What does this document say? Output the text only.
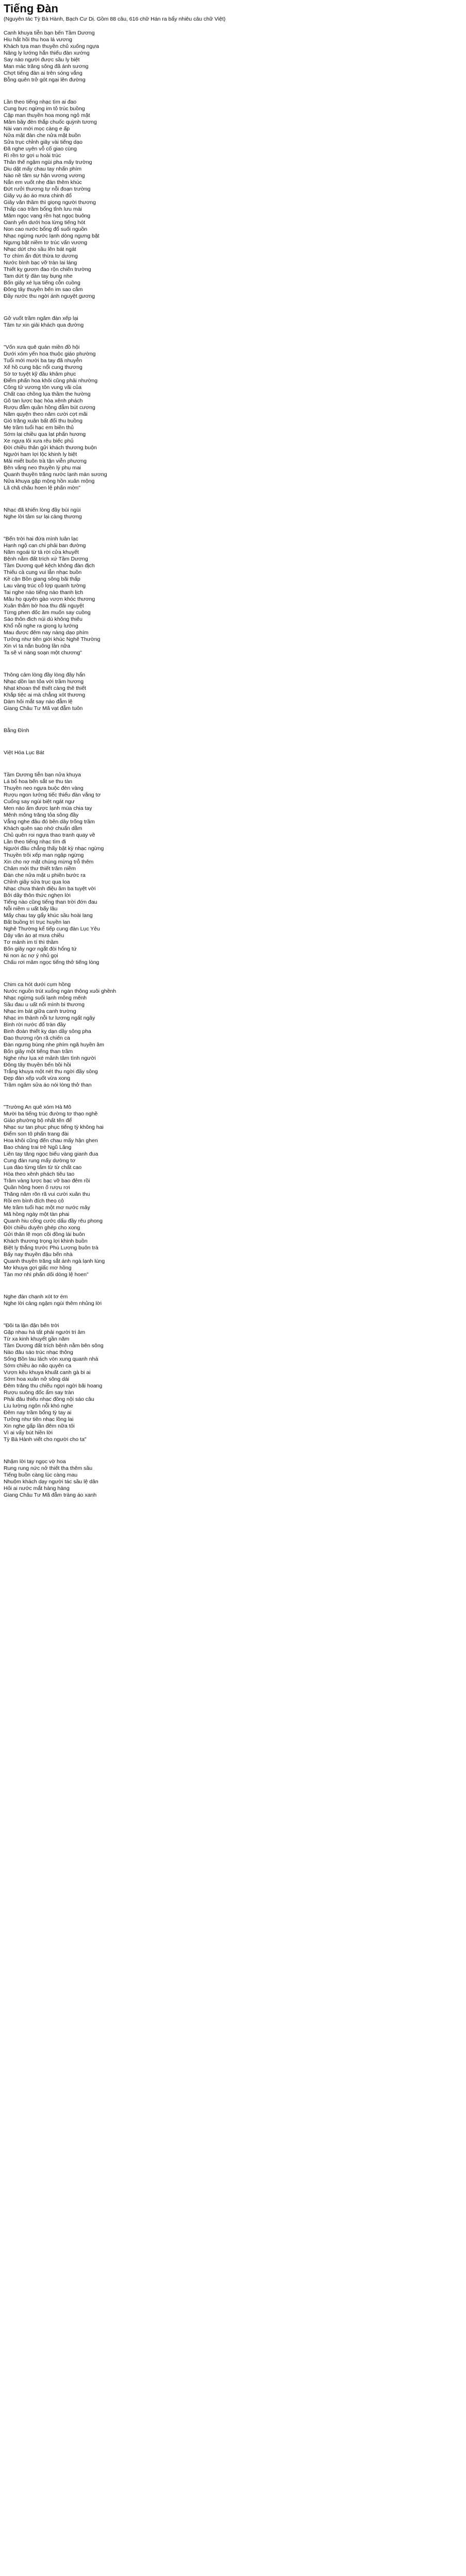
Tiếng Đàn
(Nguyên tác Tỳ Bà Hành, Bạch Cư Dị. Gồm 88 câu, 616 chữ Hán ra bẩy nhiêu câu chữ Việt)
Canh khuya tiễn bạn bến Tầm Dương
Hiu hắt hồi thu hoa lá vương
Khách tựa man thuyền chủ xuống ngựa
Nâng ly lướng hắn thiếu đàn xướng
Say nào người được sầu ly biệt
Man mác trăng sông đã ánh sương
Chợt tiếng đàn ai trên sóng vắng
Bỗng quên trở gót ngại lên đường
Lần theo tiếng nhạc tìm ai đao
Cung bực ngừng im tỏ trúc buồng
Cặp man thuyền hoa mong ngỏ mặt
Mâm bầy đèn thắp chuốc quỳnh tương
Nài van mới mọc càng e ấp
Nửa mặt đàn che nửa mặt buồn
Sửa trục chỉnh giây vài tiếng dạo
Đã nghe uyên vỗ cố giao cùng
Rì rền tơ gợi u hoài trúc
Thân thế ngậm ngùi pha mấy trường
Diu dặt mấy chau tay nhấn phím
Nào nề tâm sự hận vương vương
Nắn em vuốt nhẹ đàn thêm khúc
Đứt rưởi thương tự nỗi đoạn trường
Giây vụ áo áo mưa chinh đổ
Giây văn thầm thì giọng người thương
Thấp cao trầm bổng tỉnh lưu mài
Mâm ngọc vang rền hạt ngọc buông
Oanh yến dưới hoa lừng tiếng hót
Non cao nước bổng đổ suối nguồn
Nhạc ngừng nước lạnh dòng ngưng bặt
Ngưng bặt niềm tơ trúc vấn vương
Nhạc dứt cho sầu lên bát ngát
Tơ chìm ẩn đứt thừa tơ dương
Nước bình bạc vỡ tràn lai láng
Thiết kỵ gươm đao rộn chiến trường
Tam dứt tỳ đàn tay bụng nhe
Bốn giây xé lụa tiếng cỗn cuồng
Đông tây thuyền bến im sao cắm
Đầy nước thu ngời ánh nguyệt gương
Gở vuốt trầm ngâm đàn xếp lại
Tâm tư xin giải khách qua đường
"Vốn xưa quê quán miền đồ hội
Dưới xóm yến hoa thuộc giáo phường
Tuổi mới mười ba tay đã nhuyễn
Xế hồ cung bậc nổi cung thương
Sờ tơ tuyệt kỹ đầu khâm phục
Điểm phấn hoa khôi cũng phải nhường
Công tử vương tôn vung vãi của
Chất cao chồng lụa thầm the hường
Gõ tan lược bạc hòa xênh phách
Rượu đẫm quần hồng đẫm bút cương
Năm quyện theo năm cười cợt mãi
Gió trăng xuân bất đổi thu buồng
Mẹ trầm tuổi hạc em biền thủ
Sớm lại chiều qua lạt phấn hương
Xe ngựa lôi xưa rêu biếc phủ
Đời chiều thân gửi khách thương buộn
Người ham lợi lộc khinh ly biệt
Mải miết buôn trà tận viễn phương
Bên vắng neo thuyền lý phụ mai
Quanh thuyền trăng nước lạnh màn sương
Nửa khuya gặp mộng hồn xuân mộng
Lã chã châu hoen lệ phấn mờn"
Nhạc đã khiến lòng đầy bùi ngùi
Nghe lời tâm sự lại càng thương
"Bến trời hai đứa mình luân lạc
Hạnh ngộ can chi phải ban đường
Năm ngoái từ tả rời cửa khuyết
Bệnh nằm đất trích xứ Tầm Dương
Tầm Dương quê kệch không đàn địch
Thiếu cả cung vui lẫn nhạc buồn
Kề cận Bồn giang sông bãi thấp
Lau vàng trúc cỗ lợp quanh tường
Tai nghe nào tiếng nào thanh lịch
Mâu họ quyên gào vượn khóc thương
Xuân thắm bờ hoa thu đãi nguyệt
Từng phen đốc ăm muốn say cuồng
Sáo thôn đich núi dù không thiếu
Khổ nỗi nghe ra giọng lụ lướng
Mau được đêm nay nàng dạo phím
Tưởng như tiên giới khúc Nghê Thường
Xin vì ta nắn buông lần nữa
Ta sẽ vì nàng soạn một chương"
Thông cảm lòng đầy lòng đầy hẩn
Nhạc dồn lan tỏa với trầm hương
Nhạt khoan thế thiết càng thê thiết
Khắp tiệc ai mà chẳng xót thương
Dám hỏi mắt say nào đẫm lệ
Giang Châu Tư Mã vạt đẫm tuôn
Bằng Đình
Việt Hóa Lục Bát
Tầm Dương tiễn bạn nửa khuya
Lá bổ hoa bến sắt se thu tàn
Thuyền neo ngựa buộc đèn vàng
Rượu ngon lướng tiếc thiếu đàn vắng tơ
Cuống say ngùi biệt ngát ngư
Men nào ấm được lạnh mùa chia tay
Mênh mông trăng tỏa sông đầy
Vẳng nghe đâu đó bên dây trống trầm
Khách quên sao nhớ chuẩn dằm
Chủ quên roi ngựa thao tranh quay về
Lần theo tiếng nhạc tìm đi
Người đâu chẳng thấy bật kỳ nhạc ngừng
Thuyền trôi xếp man ngập ngừng
Xin cho nợ mặt chúng mừng trỗ thêm
Châm mới thư thiết trăm niềm
Đàn che nửa mặt u phiền bước ra
Chỉnh giây sửa trục qua loa
Nhạc chưa thành điệu âm ba tuyệt vời
Bởi dây thôn thức nghẹn lời
Tiếng nào cũng tiếng than trời đớn đau
Nỗi niềm u uất bấy lâu
Mấy chau tay gẩy khúc sầu hoài lang
Bất buồng trì trục huyền lan
Nghê Thường kể tiếp cung đàn Lục Yêu
Dây văn ào ạt mưa chiều
Tơ mảnh im tí thì thầm
Bốn giây ngơ ngắt đòi hổng tứ
Ni non ác nợ ý nhủ gọi
Chấu rơi mâm ngọc tiếng thở tiếng lòng
Chim ca hót dưới cụm hồng
Nước nguồn trút xuống ngàn thông xuôi ghềnh
Nhạc ngừng suối lạnh mông mênh
Sầu đau u uất nổi mình bi thương
Nhạc im bát giữa canh trường
Nhạc im thành nỗi tư lương ngất ngây
Bình rời nước đổ tràn đầy
Binh đoàn thiết kỵ dạn dầy sông pha
Đao thương rộn rã chiến ca
Đàn ngưng bùng nhe phím ngã huyền âm
Bốn giây một tiếng than trầm
Nghe như lụa xé mảnh tâm tình người
Đông tây thuyền bến bồi hồi
Trắng khuya một nét thu ngời đầy sông
Đẹp đàn xếp vuốt vừa xong
Trầm ngâm sửa áo nói lòng thở than
"Trường An quê xóm Hà Mô
Mười ba tiếng trúc đường tơ thạo nghề
Giáo phường bộ nhất tên để
Nhạc sư tan phục phục tiếng tỳ không hai
Điểm son tô phấn trang đài
Hoa khôi cũng đến chau mấy hận ghen
Bao chàng trai trẻ Ngũ Lăng
Liên tay tăng ngọc biếu vàng gianh đua
Cung đàn rung mấy dường tơ
Lụa đào từng tấm từ từ chất cao
Hòa theo xênh phách tiêu tao
Trâm vàng lược bạc vỡ bao đêm rồi
Quần hồng hoen ố rượu rơi
Thăng năm rõn rã vui cười xuân thu
Rồi em bình đích theo cô
Mẹ trầm tuổi hạc một mơ nước mây
Mã hồng ngày một tàn phai
Quanh hiu cống cước dấu đầy rêu phong
Đời chiều duyên ghép cho xong
Gửi thân lẽ mọn cõi đồng lái buôn
Khách thương trọng lợi khinh buồn
Biệt ly thắng trước Phù Lương buôn trà
Bấy nay thuyền đậu bến nhà
Quanh thuyền trăng sắt ánh ngà lạnh lùng
Mơ khuya gợi giấc mơ hồng
Tàn mơ nhì phấn dối dòng lệ hoen"
Nghe đàn chạnh xót tơ ém
Nghe lời cảng ngậm ngùi thêm nhủng lời
"Đôi ta lận đận bến trời
Gặp nhau há tất phải người tri âm
Từ xa kinh khuyết gần năm
Tầm Dương đất trích bệnh nằm bên sông
Nào đâu sáo trúc nhạc thông
Sống Bồn lau lách vòn xung quanh nhà
Sớm chiều ào não quyên ca
Vượn kêu khuya khuất canh gà bi ai
Sớm hoa xuân nở sông dài
Đêm trăng thu chiếu ngợi ngời bãi hoang
Rượu suông đốc ẩm say tràn
Phải đâu thiếu nhạc đồng nội sáo câu
Líu lường ngôn nỗi khó nghe
Đêm nay trầm bổng tỳ tay ai
Tưởng như tiên nhạc lồng lai
Xin nghe gấp lần đêm nữa tôi
Vì ai vẩy bút hiền lời
Tỳ Bà Hành viết cho người cho ta"
Nhậm lời tay ngọc vờ hoa
Rung rung nức nở thiết tha thêm sầu
Tiếng buồn càng lúc càng mau
Nhuộm khách dạy người tác sầu lệ dân
Hỏi ai nước mắt hàng hàng
Giang Châu Tư Mã đẫm tràng áo xanh
